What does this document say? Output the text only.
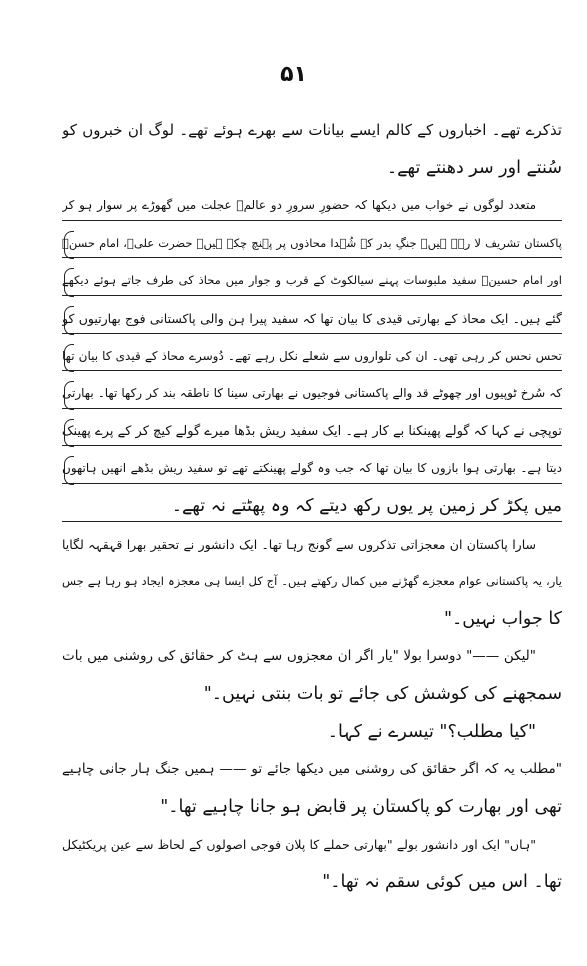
۵۱
تذکرے تھے۔ اخباروں کے کالم ایسے بیانات سے بھرے ہوئے تھے۔ لوگ ان خبروں کو
سُنتے اور سر دھنتے تھے۔
متعدد لوگوں نے خواب میں دیکھا کہ حضورِ سرورِ دو عالمؐ عجلت میں گھوڑے پر سوار ہو کر
پاکستان تشریف لا رہے ہیں۔ جنگِ بدر کے شُہدا محاذوں پر پہنچ چکے ہیں۔ حضرت علیؓ، امام حسنؓ
اور امام حسینؓ سفید ملبوسات پہنے سیالکوٹ کے قرب و جوار میں محاذ کی طرف جاتے ہوئے دیکھے
گئے ہیں۔ ایک محاذ کے بھارتی قیدی کا بیان تھا کہ سفید پیرا ہن والی پاکستانی فوج بھارتیوں کو
تحس نحس کر رہی تھی۔ ان کی تلواروں سے شعلے نکل رہے تھے۔ دُوسرے محاذ کے قیدی کا بیان تھا
کہ سُرخ ٹوپیوں اور چھوٹے قد والے پاکستانی فوجیوں نے بھارتی سینا کا ناطقہ بند کر رکھا تھا۔ بھارتی
توپچی نے کہا کہ گولے پھینکنا بے کار ہے۔ ایک سفید ریش بڈھا میرے گولے کیچ کر کے پرے پھینک
دیتا ہے۔ بھارتی ہوا بازوں کا بیان تھا کہ جب وہ گولے پھینکتے تھے تو سفید ریش بڈھے انھیں ہاتھوں
میں پکڑ کر زمین پر یوں رکھ دیتے کہ وہ پھٹتے نہ تھے۔
سارا پاکستان ان معجزاتی تذکروں سے گونج رہا تھا۔ ایک دانشور نے تحقیر بھرا قہقہہ لگایا
یار، یہ پاکستانی عوام معجزے گھڑنے میں کمال رکھتے ہیں۔ آج کل ایسا ہی معجزہ ایجاد ہو رہا ہے جس
کا جواب نہیں۔"
"لیکن ——" دوسرا بولا "یار اگر ان معجزوں سے ہٹ کر حقائق کی روشنی میں بات
سمجھنے کی کوشش کی جائے تو بات بنتی نہیں۔"
"کیا مطلب؟" تیسرے نے کہا۔
"مطلب یہ کہ اگر حقائق کی روشنی میں دیکھا جائے تو —— ہمیں جنگ ہار جانی چاہیے
تھی اور بھارت کو پاکستان پر قابض ہو جانا چاہیے تھا۔"
"ہاں" ایک اور دانشور بولے "بھارتی حملے کا پلان فوجی اصولوں کے لحاظ سے عین پریکٹیکل
تھا۔ اس میں کوئی سقم نہ تھا۔"
